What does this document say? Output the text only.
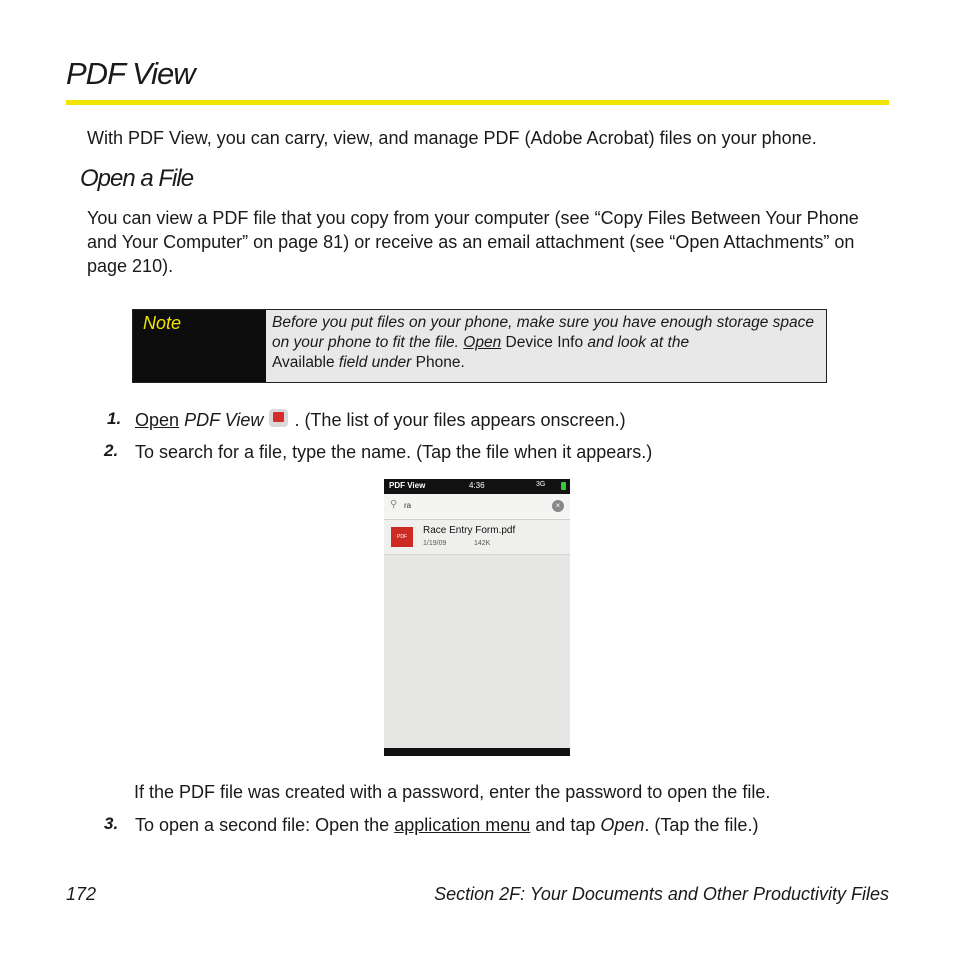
PDF View
With PDF View, you can carry, view, and manage PDF (Adobe Acrobat) files on your phone.
Open a File
You can view a PDF file that you copy from your computer (see “Copy Files Between Your Phone and Your Computer” on page 81) or receive as an email attachment (see “Open Attachments” on page 210).
Note	Before you put files on your phone, make sure you have enough storage space on your phone to fit the file. Open Device Info and look at the
Available field under Phone.
1. Open PDF View . (The list of your files appears onscreen.)
2. To search for a file, type the name. (Tap the file when it appears.)
PDF View	4:36	3G
⚲ ra	×
PDF
Race Entry Form.pdf
1/19/09	142K
If the PDF file was created with a password, enter the password to open the file.
3. To open a second file: Open the application menu and tap Open. (Tap the file.)
172	Section 2F: Your Documents and Other Productivity Files
